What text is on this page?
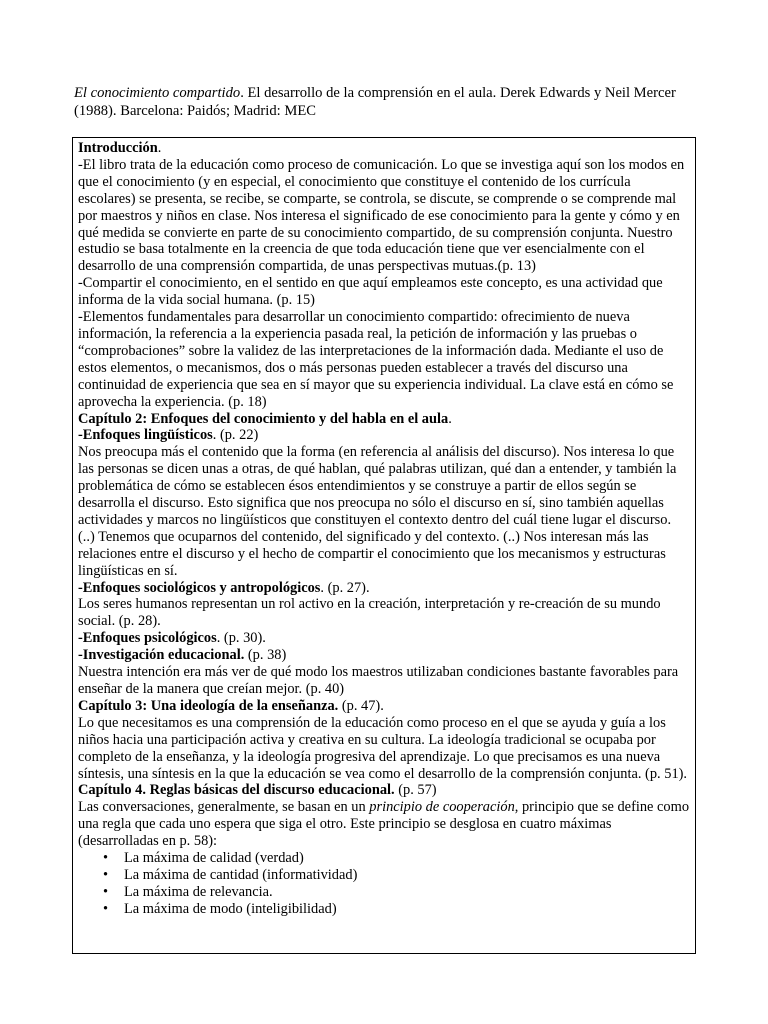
El conocimiento compartido. El desarrollo de la comprensión en el aula. Derek Edwards y Neil Mercer (1988). Barcelona: Paidós; Madrid: MEC

Introducción.

-El libro trata de la educación como proceso de comunicación. Lo que se investiga aquí son los modos en que el conocimiento (y en especial, el conocimiento que constituye el contenido de los currícula escolares) se presenta, se recibe, se comparte, se controla, se discute, se comprende o se comprende mal por maestros y niños en clase. Nos interesa el significado de ese conocimiento para la gente y cómo y en qué medida se convierte en parte de su conocimiento compartido, de su comprensión conjunta. Nuestro estudio se basa totalmente en la creencia de que toda educación tiene que ver esencialmente con el desarrollo de una comprensión compartida, de unas perspectivas mutuas.(p. 13)

-Compartir el conocimiento, en el sentido en que aquí empleamos este concepto, es una actividad que informa de la vida social humana. (p. 15)

-Elementos fundamentales para desarrollar un conocimiento compartido: ofrecimiento de nueva información, la referencia a la experiencia pasada real, la petición de información y las pruebas o “comprobaciones” sobre la validez de las interpretaciones de la información dada. Mediante el uso de estos elementos, o mecanismos, dos o más personas pueden establecer a través del discurso una continuidad de experiencia que sea en sí mayor que su experiencia individual. La clave está en cómo se aprovecha la experiencia. (p. 18)

Capítulo 2: Enfoques del conocimiento y del habla en el aula.

-Enfoques lingüísticos. (p. 22)

Nos preocupa más el contenido que la forma (en referencia al análisis del discurso). Nos interesa lo que las personas se dicen unas a otras, de qué hablan, qué palabras utilizan, qué dan a entender, y también la problemática de cómo se establecen ésos entendimientos y se construye a partir de ellos según se desarrolla el discurso. Esto significa que nos preocupa no sólo el discurso en sí, sino también aquellas actividades y marcos no lingüísticos que constituyen el contexto dentro del cuál tiene lugar el discurso. (..) Tenemos que ocuparnos del contenido, del significado y del contexto. (..) Nos interesan más las relaciones entre el discurso y el hecho de compartir el conocimiento que los mecanismos y estructuras lingüísticas en sí.

-Enfoques sociológicos y antropológicos. (p. 27).

Los seres humanos representan un rol activo en la creación, interpretación y re-creación de su mundo social. (p. 28).

-Enfoques psicológicos. (p. 30).

-Investigación educacional. (p. 38)

Nuestra intención era más ver de qué modo los maestros utilizaban condiciones bastante favorables para enseñar de la manera que creían mejor. (p. 40)

Capítulo 3: Una ideología de la enseñanza. (p. 47).

Lo que necesitamos es una comprensión de la educación como proceso en el que se ayuda y guía a los niños hacia una participación activa y creativa en su cultura. La ideología tradicional se ocupaba por completo de la enseñanza, y la ideología progresiva del aprendizaje. Lo que precisamos es una nueva síntesis, una síntesis en la que la educación se vea como el desarrollo de la comprensión conjunta. (p. 51).

Capítulo 4. Reglas básicas del discurso educacional. (p. 57)

Las conversaciones, generalmente, se basan en un principio de cooperación, principio que se define como una regla que cada uno espera que siga el otro. Este principio se desglosa en cuatro máximas (desarrolladas en p. 58):

• La máxima de calidad (verdad)
• La máxima de cantidad (informatividad)
• La máxima de relevancia.
• La máxima de modo (inteligibilidad)
